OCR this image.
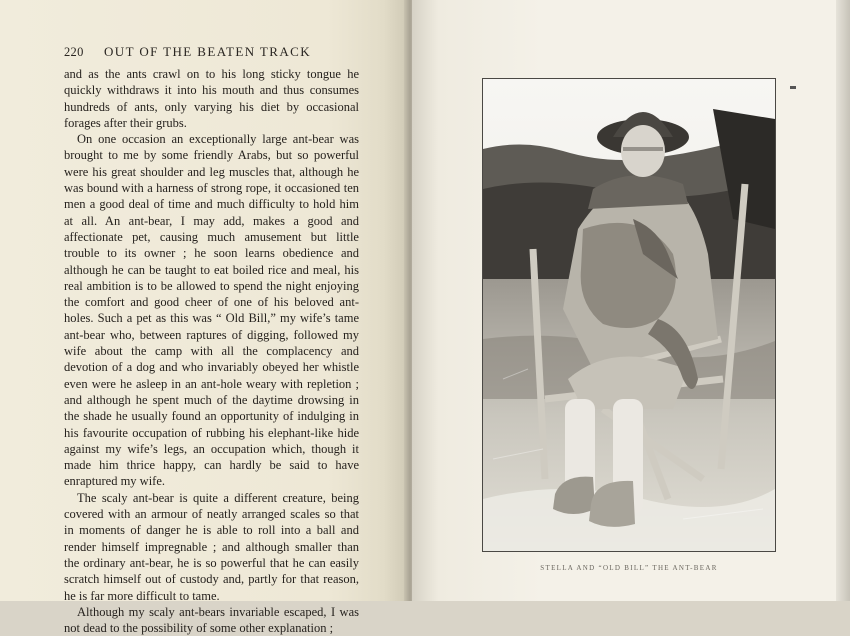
220 OUT OF THE BEATEN TRACK

and as the ants crawl on to his long sticky tongue he quickly withdraws it into his mouth and thus consumes hundreds of ants, only varying his diet by occasional forages after their grubs.

On one occasion an exceptionally large ant-bear was brought to me by some friendly Arabs, but so powerful were his great shoulder and leg muscles that, although he was bound with a harness of strong rope, it occasioned ten men a good deal of time and much difficulty to hold him at all. An ant-bear, I may add, makes a good and affectionate pet, causing much amusement but little trouble to its owner ; he soon learns obedience and although he can be taught to eat boiled rice and meal, his real ambition is to be allowed to spend the night enjoying the comfort and good cheer of one of his beloved ant-holes. Such a pet as this was “ Old Bill,” my wife’s tame ant-bear who, between raptures of digging, followed my wife about the camp with all the complacency and devotion of a dog and who invariably obeyed her whistle even were he asleep in an ant-hole weary with repletion ; and although he spent much of the daytime drowsing in the shade he usually found an opportunity of indulging in his favourite occupation of rubbing his elephant-like hide against my wife’s legs, an occupation which, though it made him thrice happy, can hardly be said to have enraptured my wife.

The scaly ant-bear is quite a different creature, being covered with an armour of neatly arranged scales so that in moments of danger he is able to roll into a ball and render himself impregnable ; and although smaller than the ordinary ant-bear, he is so powerful that he can easily scratch himself out of custody and, partly for that reason, he is far more difficult to tame.

Although my scaly ant-bears invariable escaped, I was not dead to the possibility of some other explanation ;

STELLA AND “OLD BILL” THE ANT-BEAR
